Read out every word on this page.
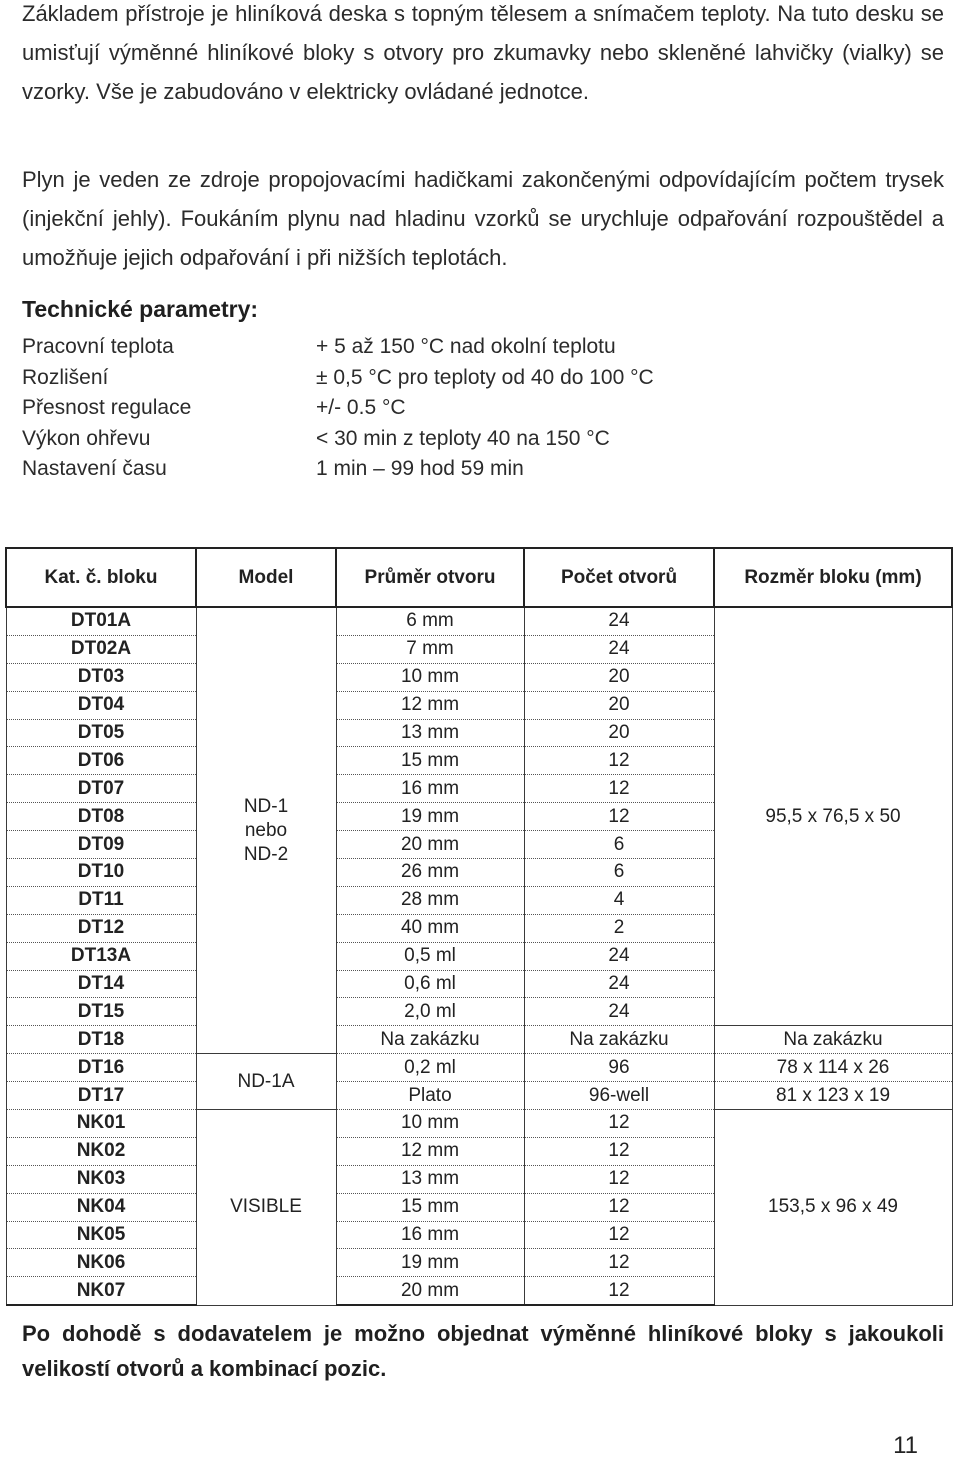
Základem přístroje je hliníková deska s topným tělesem a snímačem teploty. Na tuto desku se umisťují výměnné hliníkové bloky s otvory pro zkumavky nebo skleněné lahvičky (vialky) se vzorky. Vše je zabudováno v elektricky ovládané jednotce.

Plyn je veden ze zdroje propojovacími hadičkami zakončenými odpovídajícím počtem trysek (injekční jehly). Foukáním plynu nad hladinu vzorků se urychluje odpařování rozpouštědel a umožňuje jejich odpařování i při nižších teplotách.

Technické parametry:

Pracovní teplota	+ 5 až 150 °C nad okolní teplotu
Rozlišení	± 0,5 °C pro teploty od 40 do 100 °C
Přesnost regulace	+/- 0.5 °C
Výkon ohřevu	< 30 min z teploty 40 na 150 °C
Nastavení času	1 min – 99 hod 59 min
Kat. č. bloku	Model	Průměr otvoru	Počet otvorů	Rozměr bloku (mm)
DT01A	ND-1
nebo
ND-2	6 mm	24	95,5 x 76,5 x 50
DT02A		7 mm	24	
DT03		10 mm	20	
DT04		12 mm	20	
DT05		13 mm	20	
DT06		15 mm	12	
DT07		16 mm	12	
DT08		19 mm	12	
DT09		20 mm	6	
DT10		26 mm	6	
DT11		28 mm	4	
DT12		40 mm	2	
DT13A		0,5 ml	24	
DT14		0,6 ml	24	
DT15		2,0 ml	24	
DT18		Na zakázku	Na zakázku	Na zakázku
DT16	ND-1A	0,2 ml	96	78 x 114 x 26
DT17		Plato	96-well	81 x 123 x 19
NK01	VISIBLE	10 mm	12	153,5 x 96 x 49
NK02		12 mm	12	
NK03		13 mm	12	
NK04		15 mm	12	
NK05		16 mm	12	
NK06		19 mm	12	
NK07		20 mm	12	

Po dohodě s dodavatelem je možno objednat výměnné hliníkové bloky s jakoukoli velikostí otvorů a kombinací pozic.

11
